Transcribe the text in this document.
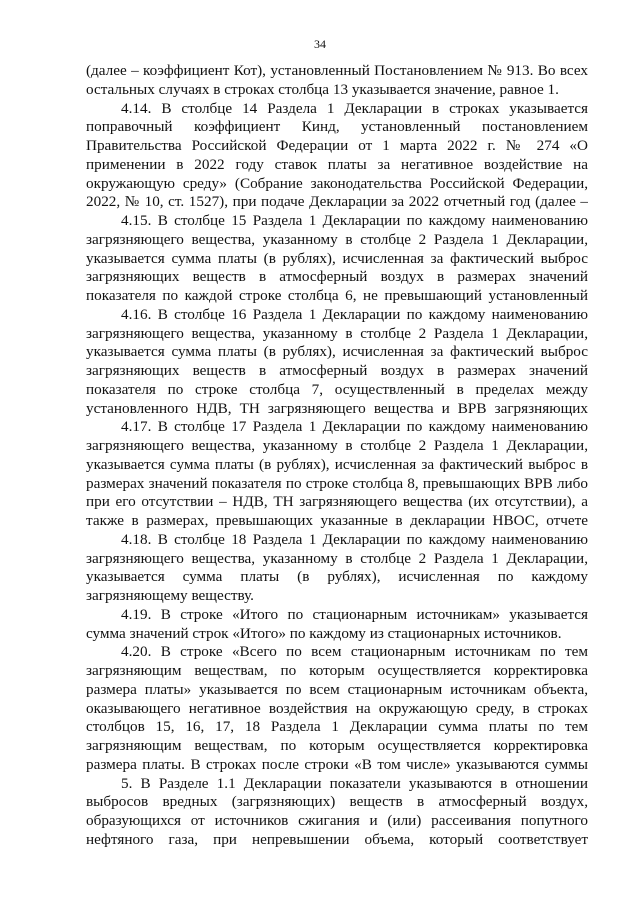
34

(далее – коэффициент Кот), установленный Постановлением № 913. Во всех остальных случаях в строках столбца 13 указывается значение, равное 1.

4.14. В столбце 14 Раздела 1 Декларации в строках указывается поправочный коэффициент Кинд, установленный постановлением Правительства Российской Федерации от 1 марта 2022 г. № 274 «О применении в 2022 году ставок платы за негативное воздействие на окружающую среду» (Собрание законодательства Российской Федерации, 2022, № 10, ст. 1527), при подаче Декларации за 2022 отчетный год (далее –

4.15. В столбце 15 Раздела 1 Декларации по каждому наименованию загрязняющего вещества, указанному в столбце 2 Раздела 1 Декларации, указывается сумма платы (в рублях), исчисленная за фактический выброс загрязняющих веществ в атмосферный воздух в размерах значений показателя по каждой строке столбца 6, не превышающий установленный

4.16. В столбце 16 Раздела 1 Декларации по каждому наименованию загрязняющего вещества, указанному в столбце 2 Раздела 1 Декларации, указывается сумма платы (в рублях), исчисленная за фактический выброс загрязняющих веществ в атмосферный воздух в размерах значений показателя по строке столбца 7, осуществленный в пределах между установленного НДВ, ТН загрязняющего вещества и ВРВ загрязняющих

4.17. В столбце 17 Раздела 1 Декларации по каждому наименованию загрязняющего вещества, указанному в столбце 2 Раздела 1 Декларации, указывается сумма платы (в рублях), исчисленная за фактический выброс в размерах значений показателя по строке столбца 8, превышающих ВРВ либо при его отсутствии – НДВ, ТН загрязняющего вещества (их отсутствии), а также в размерах, превышающих указанные в декларации НВОС, отчете

4.18. В столбце 18 Раздела 1 Декларации по каждому наименованию загрязняющего вещества, указанному в столбце 2 Раздела 1 Декларации, указывается сумма платы (в рублях), исчисленная по каждому загрязняющему веществу.

4.19. В строке «Итого по стационарным источникам» указывается сумма значений строк «Итого» по каждому из стационарных источников.

4.20. В строке «Всего по всем стационарным источникам по тем загрязняющим веществам, по которым осуществляется корректировка размера платы» указывается по всем стационарным источникам объекта, оказывающего негативное воздействия на окружающую среду, в строках столбцов 15, 16, 17, 18 Раздела 1 Декларации сумма платы по тем загрязняющим веществам, по которым осуществляется корректировка размера платы. В строках после строки «В том числе» указываются суммы

5. В Разделе 1.1 Декларации показатели указываются в отношении выбросов вредных (загрязняющих) веществ в атмосферный воздух, образующихся от источников сжигания и (или) рассеивания попутного нефтяного газа, при непревышении объема, который соответствует
